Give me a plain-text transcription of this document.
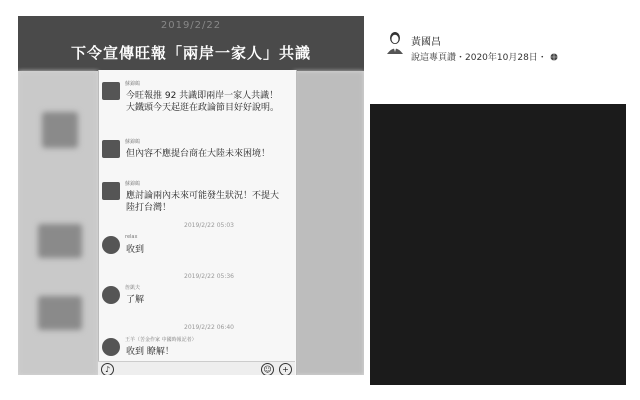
2019/2/22
下令宣傳旺報「兩岸一家人」共識
蘇錦鶴
今旺報推 92 共識即兩岸一家人共識！大鐵頭今天起逛在政論節目好好說明。
蘇錦鶴
但內容不應提台商在大陸未來困境！
蘇錦鶴
應討論兩內未來可能發生狀況！不提大陸打台灣！
2019/2/22 05:03
relax
收到
2019/2/22 05:36
詹凱夫
了解
2019/2/22 06:40
王羊（苦金作家 中國時報記者）
收到 瞭解！
♪	☺	+
黃國昌
說這專頁讚・2020年10月28日・
